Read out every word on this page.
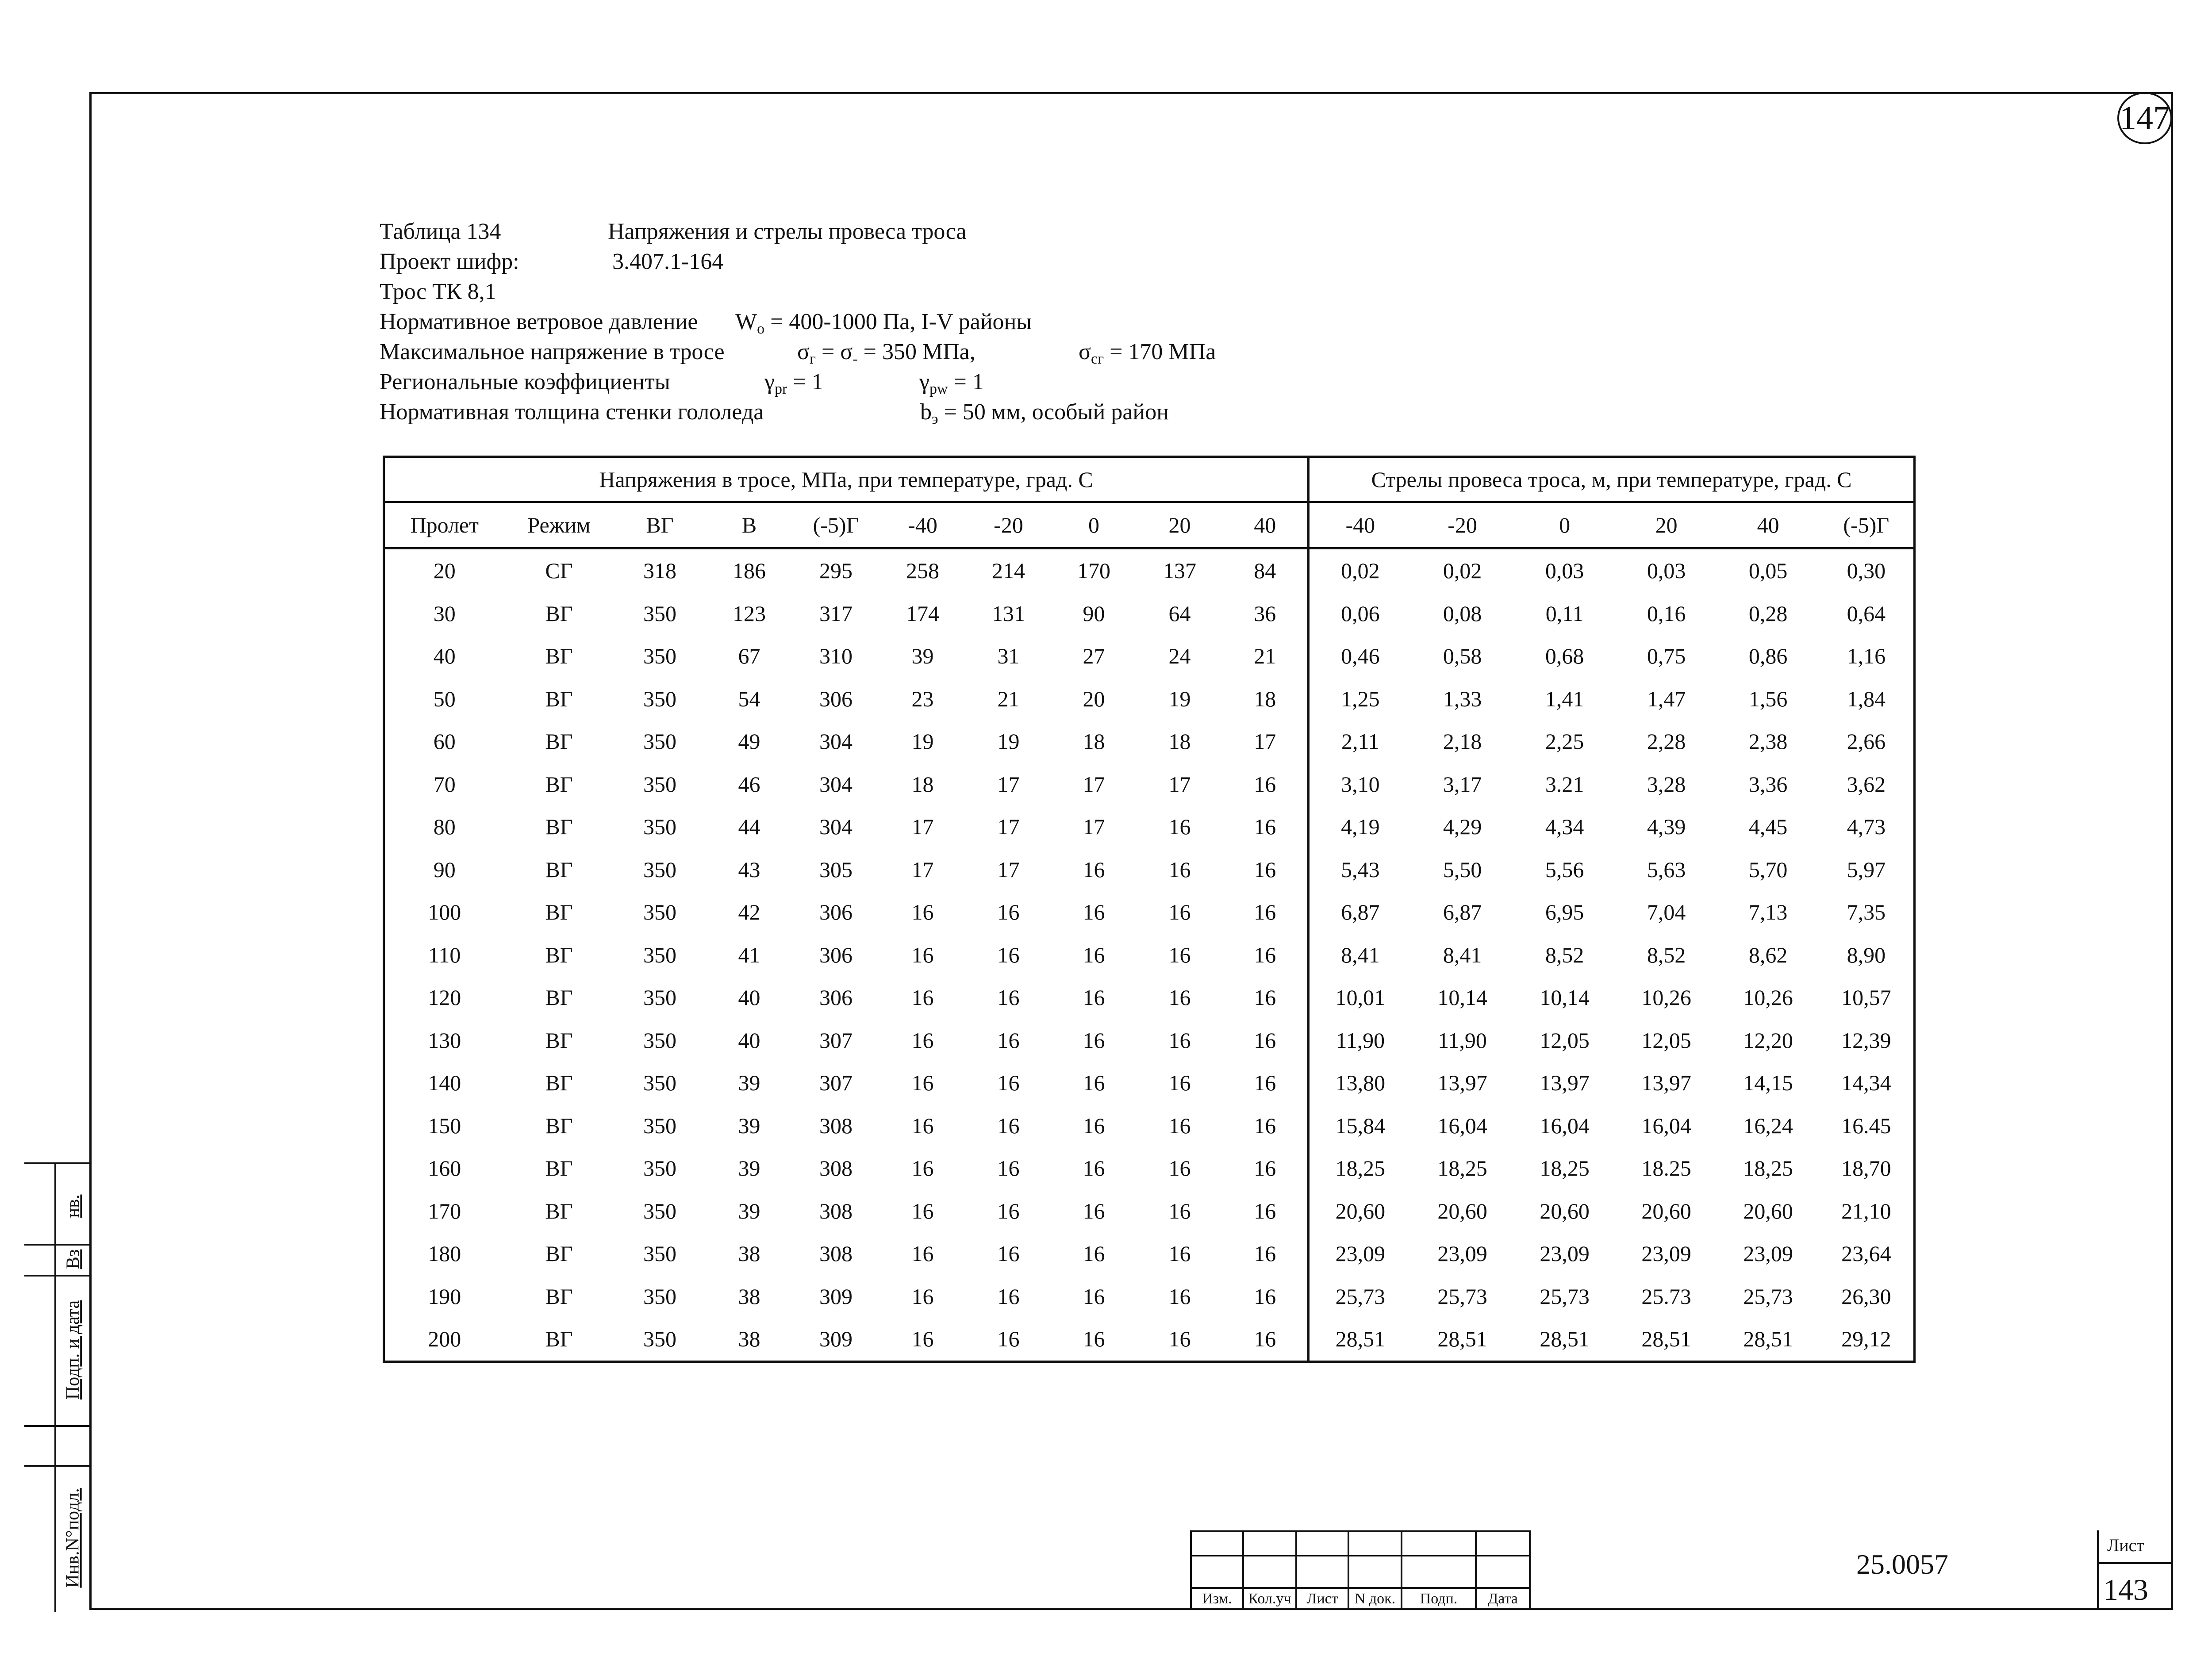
147
Таблица 134	Напряжения и стрелы провеса троса
Проект шифр:	3.407.1-164
Трос ТК 8,1
Нормативное ветровое давление $W_o = 400-1000$ Па, I-V районы
Максимальное напряжение в тросе	$\sigma_г = \sigma_- = 350$ МПа,	$\sigma_{сг} = 170$ МПа
Региональные коэффициенты	$\gamma_{pr} = 1$	$\gamma_{pw} = 1$
Нормативная толщина стенки гололеда	$b_э = 50$ мм, особый район
Напряжения в тросе, МПа, при температуре, град. С										Стрелы провеса троса, м, при температуре, град. С					
Пролет	Режим	ВГ	В	(-5)Г	-40	-20	0	20	40	-40	-20	0	20	40	(-5)Г
20	СГ	318	186	295	258	214	170	137	84	0,02	0,02	0,03	0,03	0,05	0,30
30	ВГ	350	123	317	174	131	90	64	36	0,06	0,08	0,11	0,16	0,28	0,64
40	ВГ	350	67	310	39	31	27	24	21	0,46	0,58	0,68	0,75	0,86	1,16
50	ВГ	350	54	306	23	21	20	19	18	1,25	1,33	1,41	1,47	1,56	1,84
60	ВГ	350	49	304	19	19	18	18	17	2,11	2,18	2,25	2,28	2,38	2,66
70	ВГ	350	46	304	18	17	17	17	16	3,10	3,17	3.21	3,28	3,36	3,62
80	ВГ	350	44	304	17	17	17	16	16	4,19	4,29	4,34	4,39	4,45	4,73
90	ВГ	350	43	305	17	17	16	16	16	5,43	5,50	5,56	5,63	5,70	5,97
100	ВГ	350	42	306	16	16	16	16	16	6,87	6,87	6,95	7,04	7,13	7,35
110	ВГ	350	41	306	16	16	16	16	16	8,41	8,41	8,52	8,52	8,62	8,90
120	ВГ	350	40	306	16	16	16	16	16	10,01	10,14	10,14	10,26	10,26	10,57
130	ВГ	350	40	307	16	16	16	16	16	11,90	11,90	12,05	12,05	12,20	12,39
140	ВГ	350	39	307	16	16	16	16	16	13,80	13,97	13,97	13,97	14,15	14,34
150	ВГ	350	39	308	16	16	16	16	16	15,84	16,04	16,04	16,04	16,24	16.45
160	ВГ	350	39	308	16	16	16	16	16	18,25	18,25	18,25	18.25	18,25	18,70
170	ВГ	350	39	308	16	16	16	16	16	20,60	20,60	20,60	20,60	20,60	21,10
180	ВГ	350	38	308	16	16	16	16	16	23,09	23,09	23,09	23,09	23,09	23,64
190	ВГ	350	38	309	16	16	16	16	16	25,73	25,73	25,73	25.73	25,73	26,30
200	ВГ	350	38	309	16	16	16	16	16	28,51	28,51	28,51	28,51	28,51	29,12
нв.
Вз
Подп. и дата
Инв.N°подл.
Изм.	Кол.уч	Лист	N док.	Подп.	Дата
25.0057
Лист
143
